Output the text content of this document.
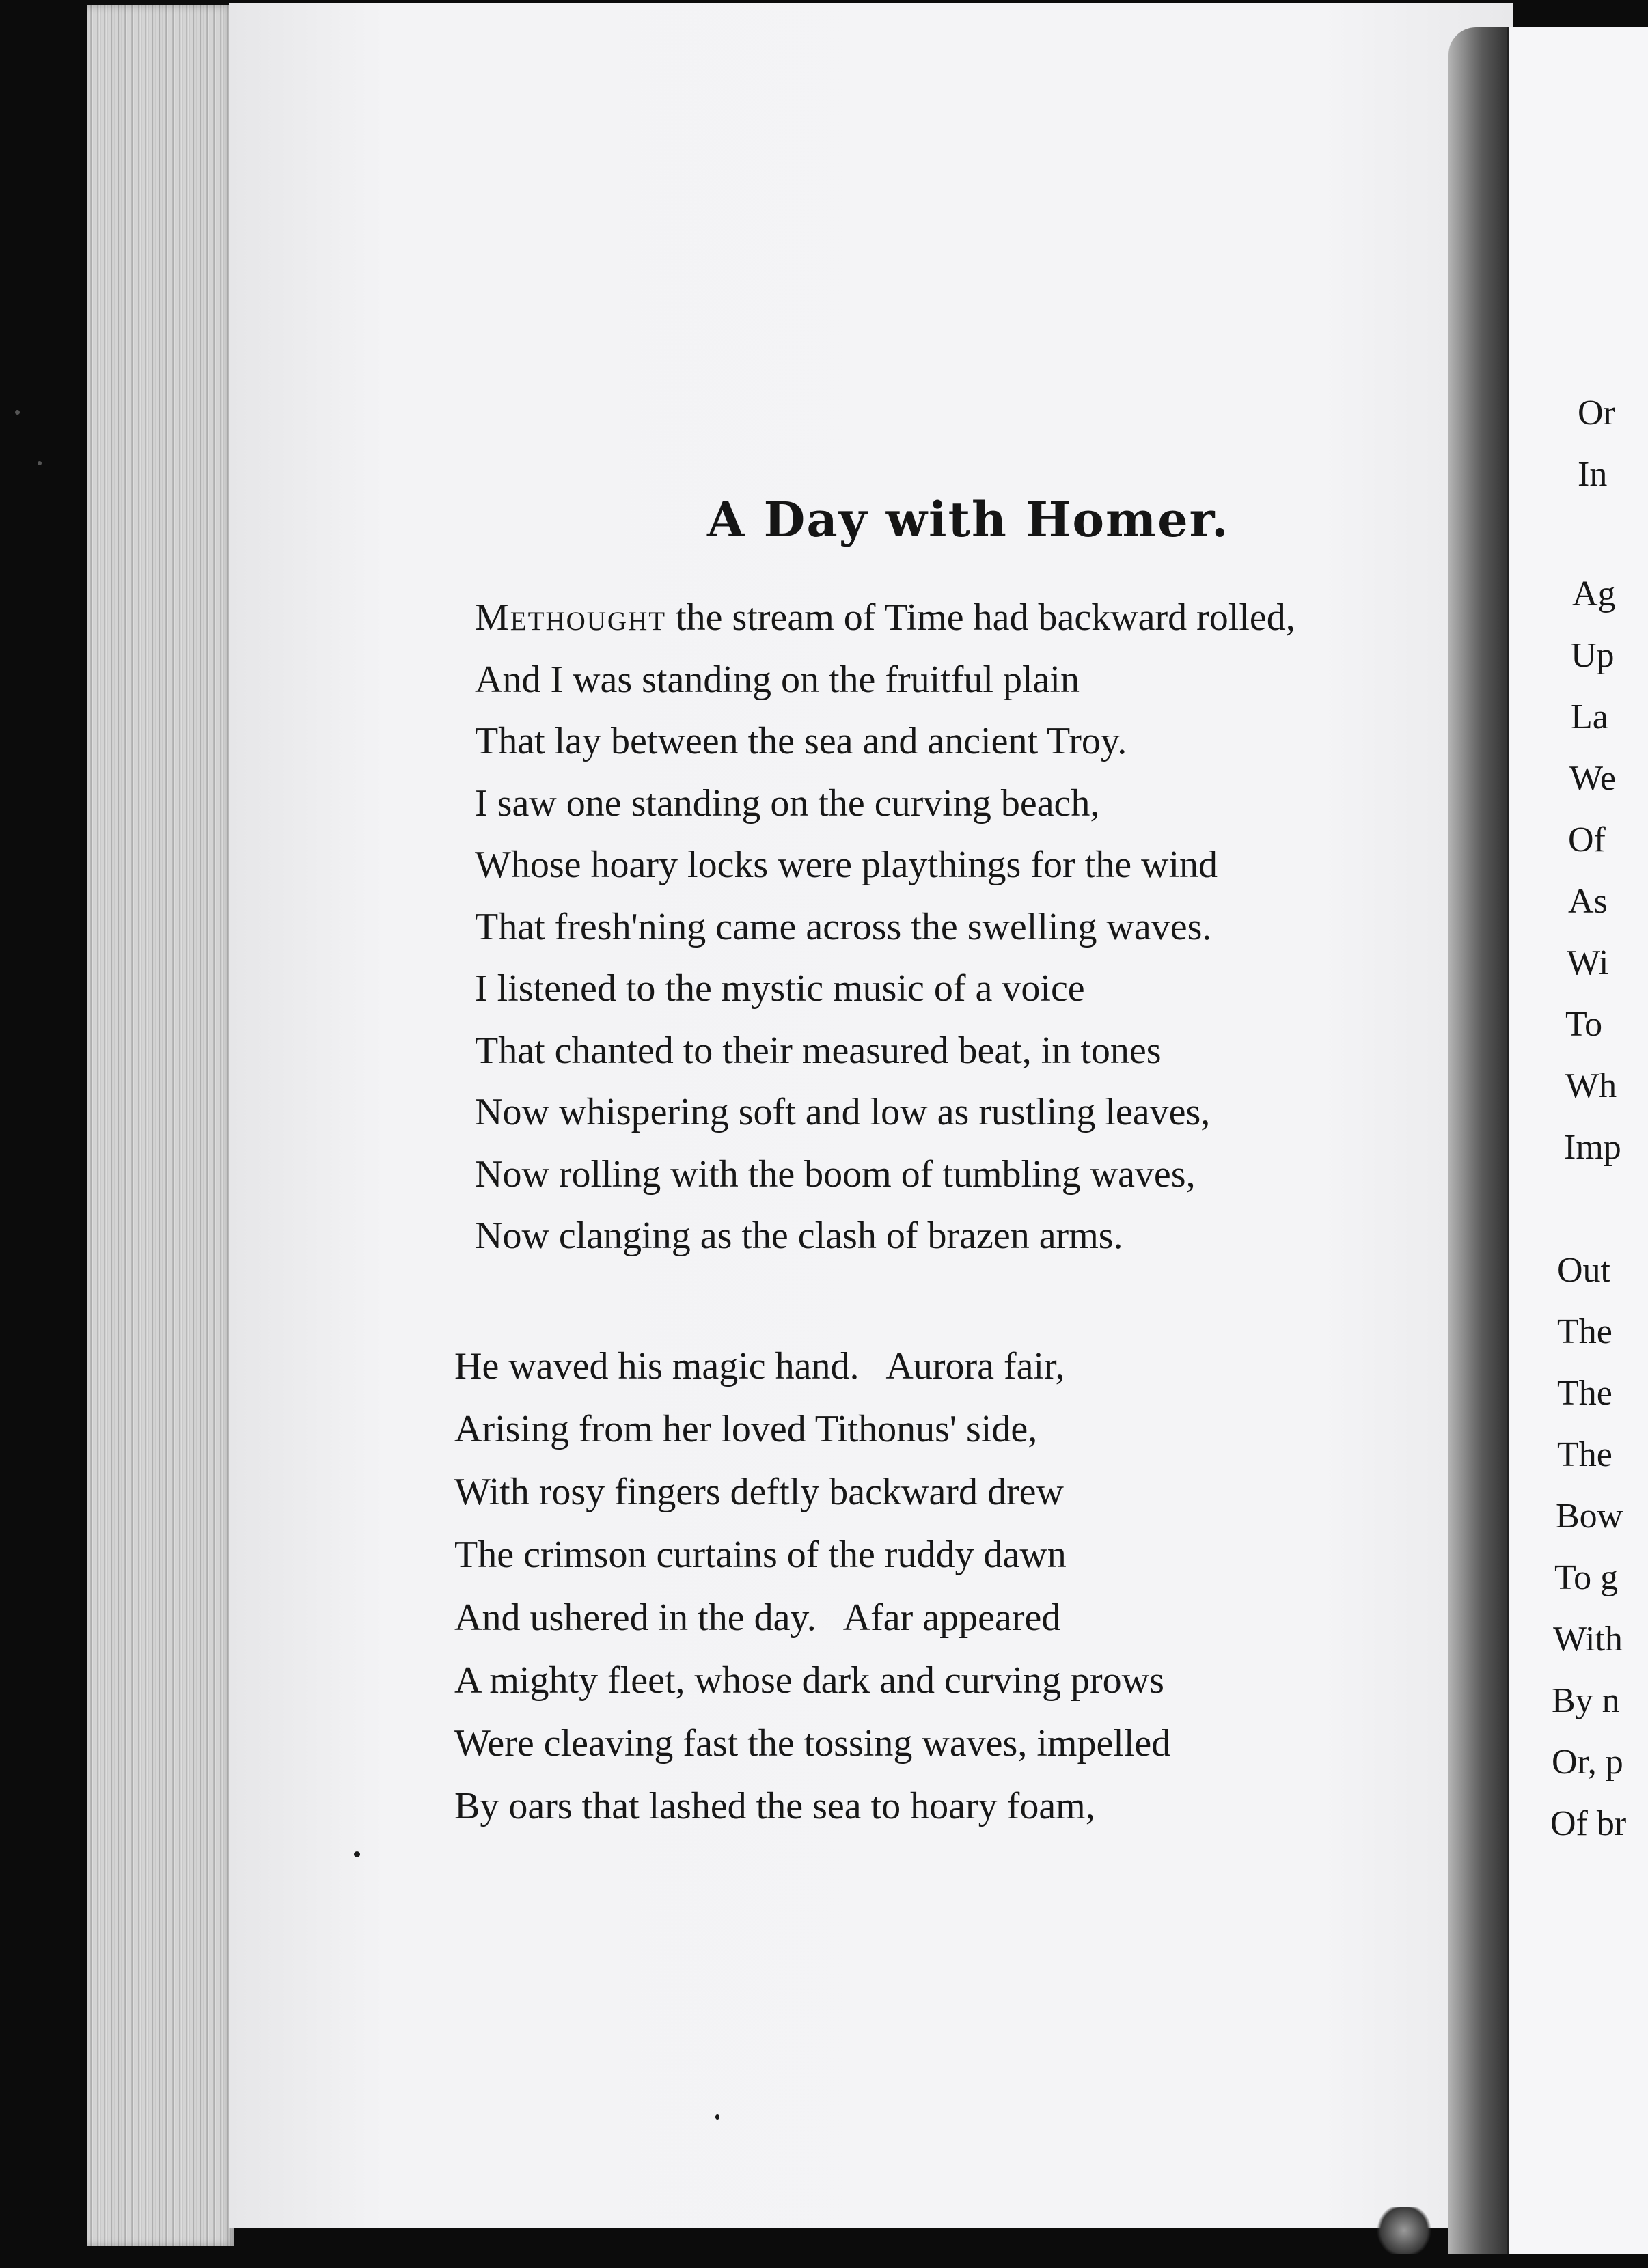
A Day with Homer.
Methought the stream of Time had backward rolled,
And I was standing on the fruitful plain
That lay between the sea and ancient Troy.
I saw one standing on the curving beach,
Whose hoary locks were playthings for the wind
That fresh'ning came across the swelling waves.
I listened to the mystic music of a voice
That chanted to their measured beat, in tones
Now whispering soft and low as rustling leaves,
Now rolling with the boom of tumbling waves,
Now clanging as the clash of brazen arms.
He waved his magic hand.   Aurora fair,
Arising from her loved Tithonus' side,
With rosy fingers deftly backward drew
The crimson curtains of the ruddy dawn
And ushered in the day.   Afar appeared
A mighty fleet, whose dark and curving prows
Were cleaving fast the tossing waves, impelled
By oars that lashed the sea to hoary foam,
Or
In
Ag
Up
La
We
Of
As
Wi
To
Wh
Imp
Out
The
The
The
Bow
To g
With
By n
Or, p
Of br
